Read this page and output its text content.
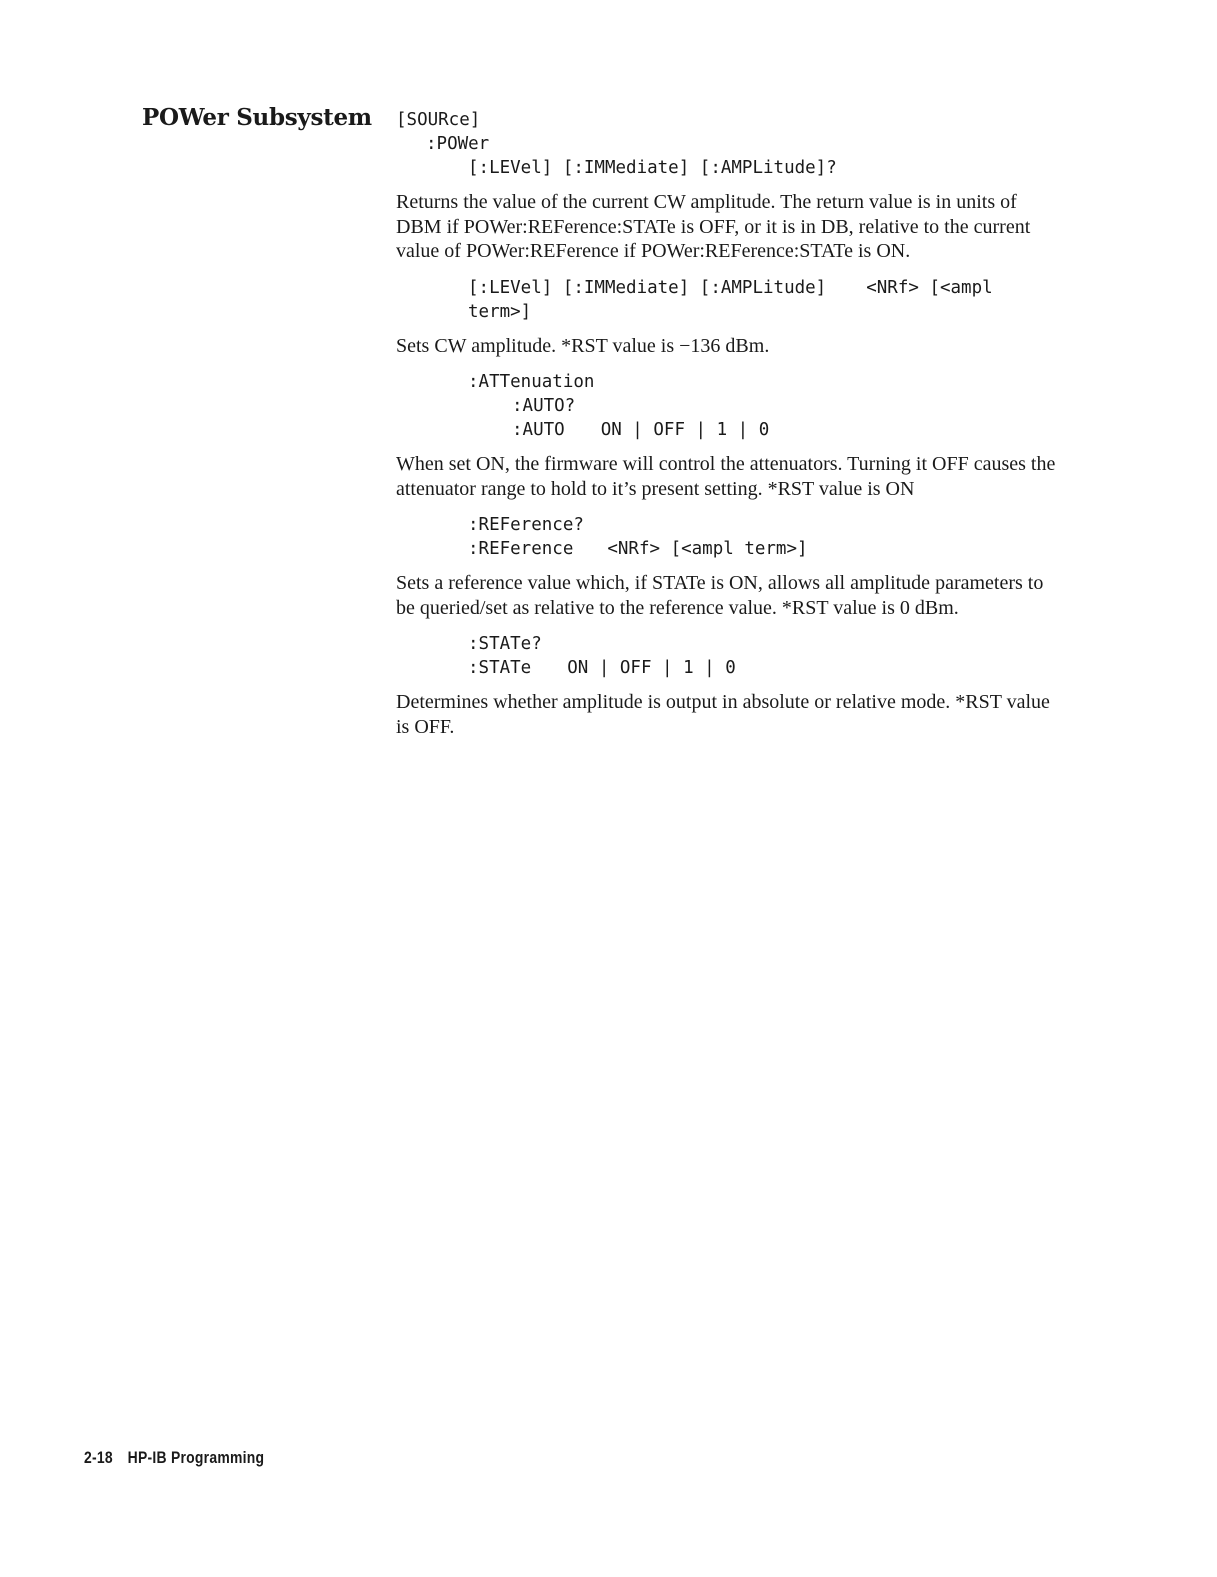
POWer Subsystem [SOURce]
:POWer
[:LEVel] [:IMMediate] [:AMPLitude]?

Returns the value of the current CW amplitude. The return value is in units of DBM if POWer:REFerence:STATe is OFF, or it is in DB, relative to the current value of POWer:REFerence if POWer:REFerence:STATe is ON.

[:LEVel] [:IMMediate] [:AMPLitude] <NRf> [<ampl
term>]

Sets CW amplitude. *RST value is −136 dBm.

:ATTenuation
:AUTO?
:AUTO ON | OFF | 1 | 0

When set ON, the firmware will control the attenuators. Turning it OFF causes the attenuator range to hold to it’s present setting. *RST value is ON

:REFerence?
:REFerence <NRf> [<ampl term>]

Sets a reference value which, if STATe is ON, allows all amplitude parameters to be queried/set as relative to the reference value. *RST value is 0 dBm.

:STATe?
:STATe ON | OFF | 1 | 0

Determines whether amplitude is output in absolute or relative mode. *RST value is OFF.

2-18 HP-IB Programming
